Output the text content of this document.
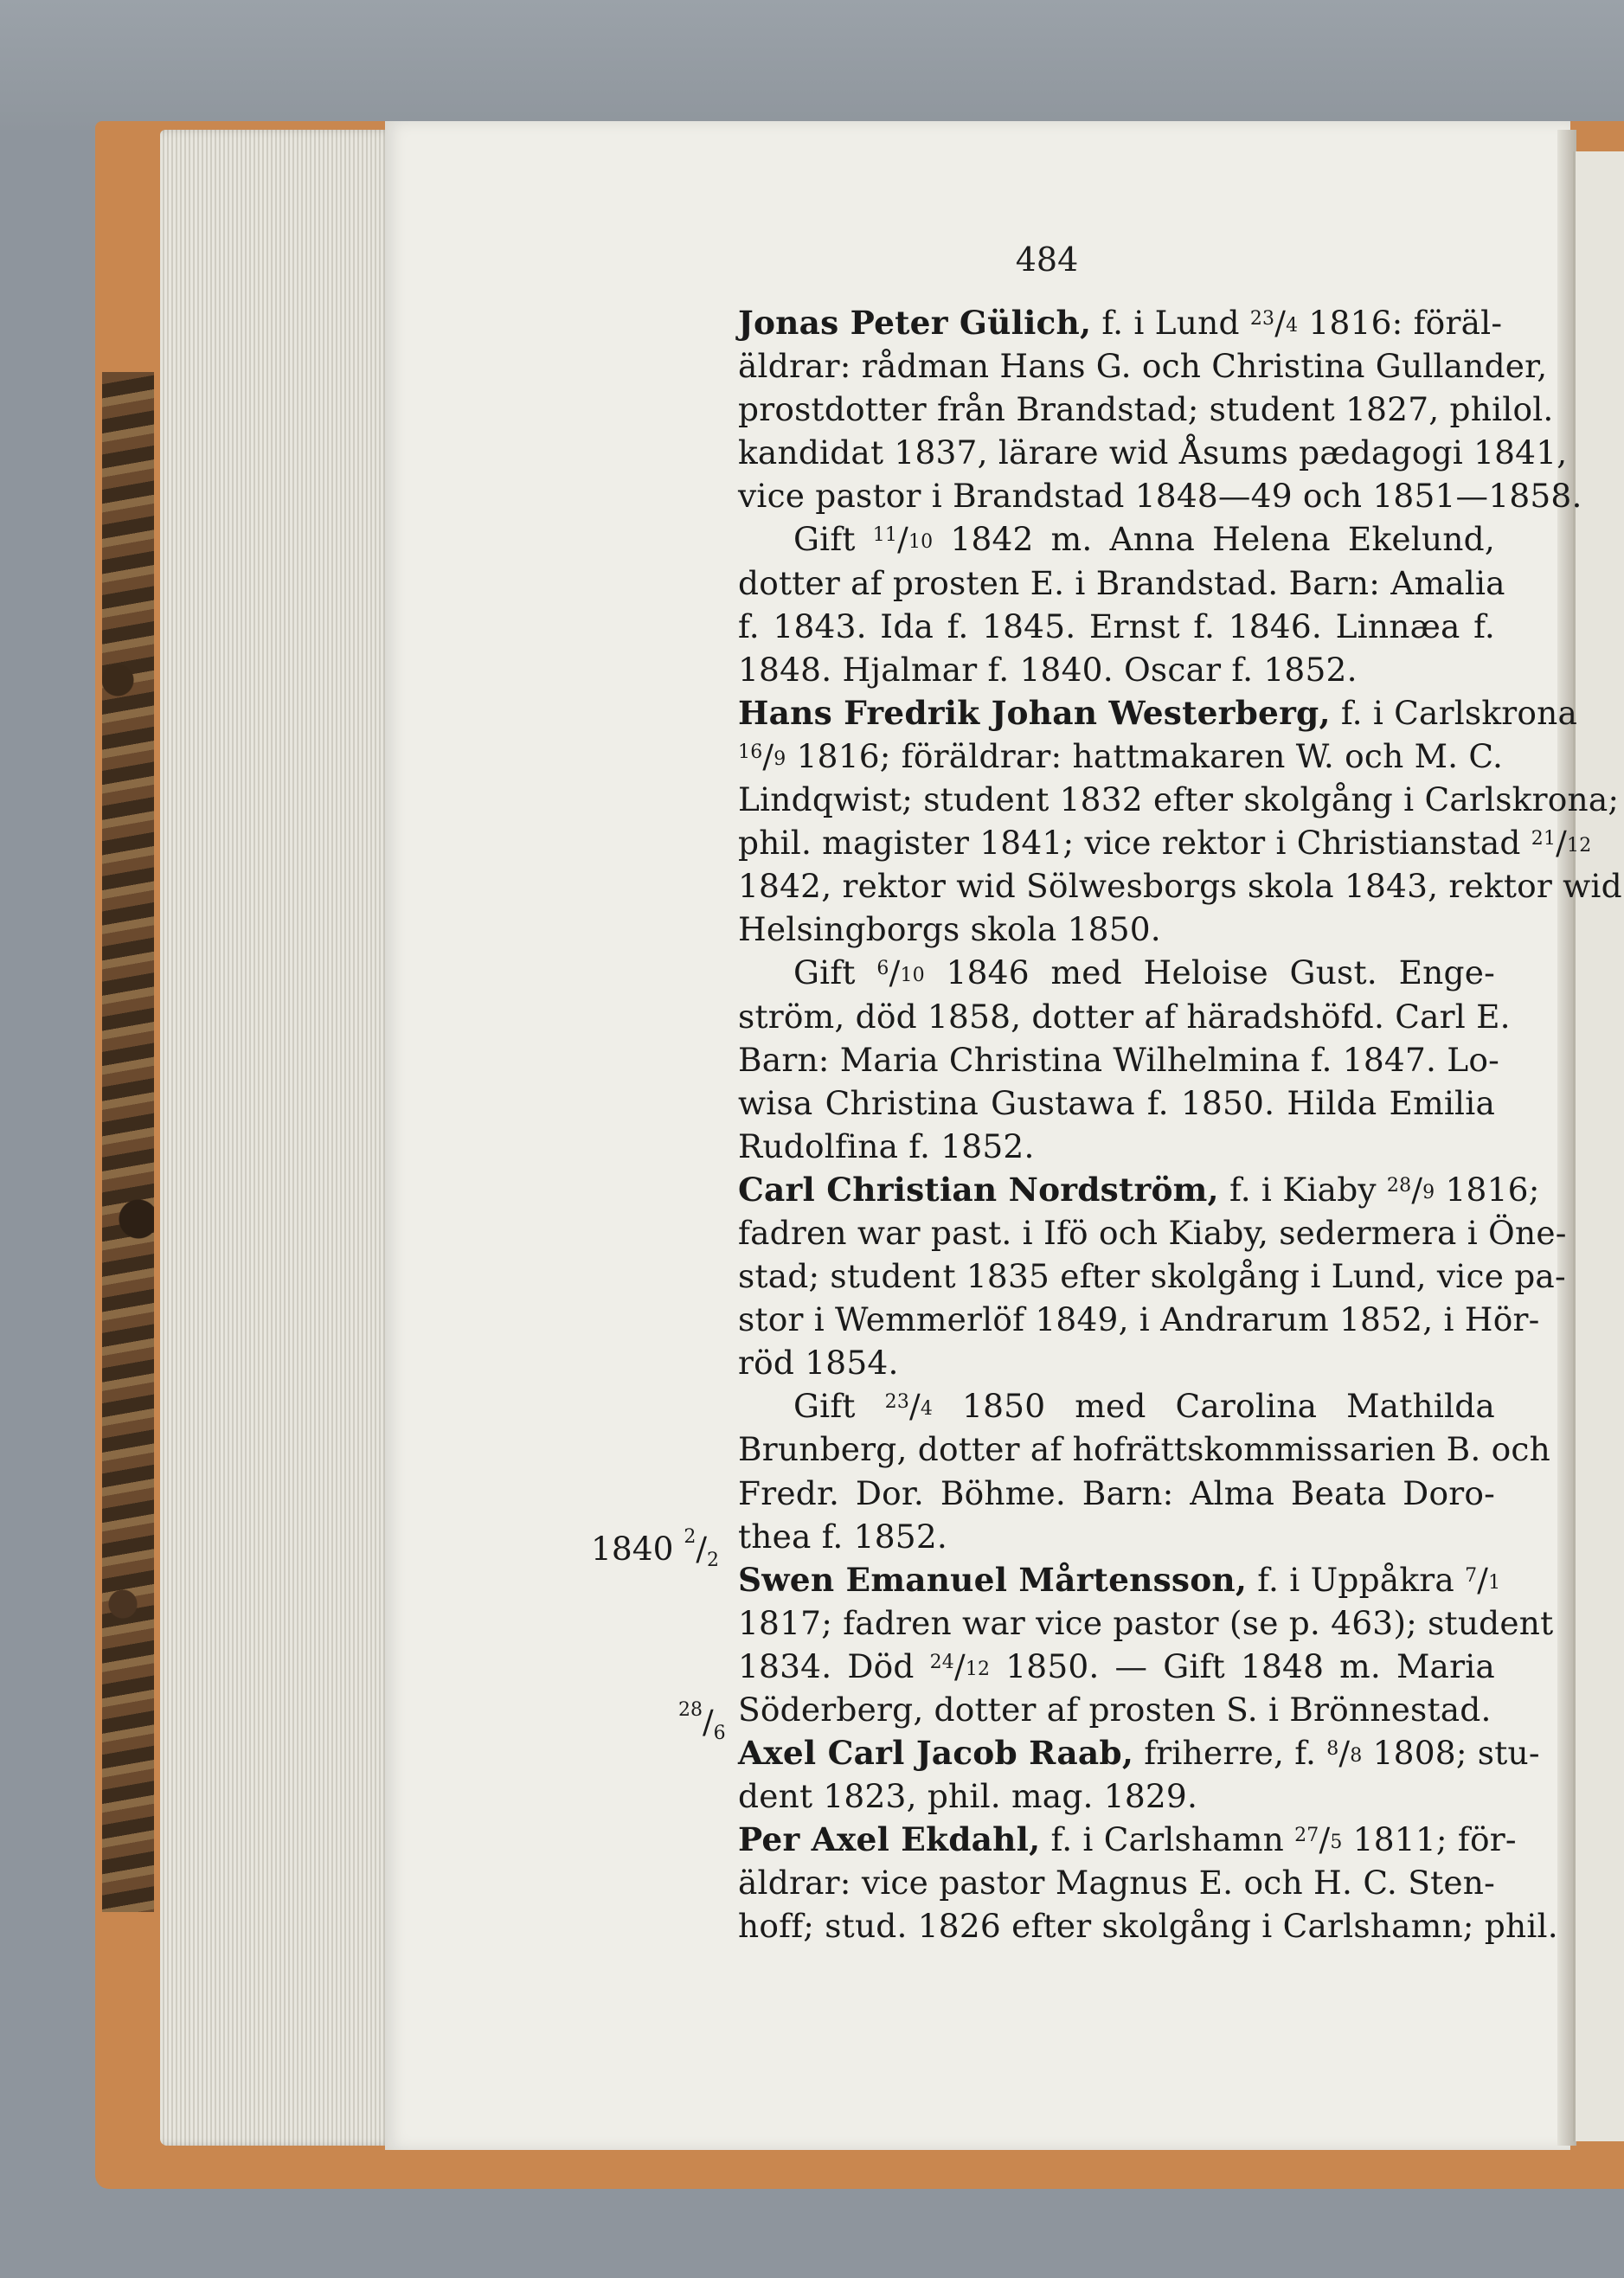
484
1840 $^2/_2$
$^{28}/_6$
Jonas Peter Gülich, f. i Lund $^{23}/_4$ 1816: föräl-
äldrar: rådman Hans G. och Christina Gullander,
prostdotter från Brandstad; student 1827, philol.
kandidat 1837, lärare wid Åsums pædagogi 1841,
vice pastor i Brandstad 1848—49 och 1851—1858.
Gift $^{11}/_{10}$ 1842 m. Anna Helena Ekelund,
dotter af prosten E. i Brandstad. Barn: Amalia
f. 1843. Ida f. 1845. Ernst f. 1846. Linnæa f.
1848. Hjalmar f. 1840. Oscar f. 1852.
Hans Fredrik Johan Westerberg, f. i Carlskrona
$^{16}/_9$ 1816; föräldrar: hattmakaren W. och M. C.
Lindqwist; student 1832 efter skolgång i Carlskrona;
phil. magister 1841; vice rektor i Christianstad $^{21}/_{12}$
1842, rektor wid Sölwesborgs skola 1843, rektor wid
Helsingborgs skola 1850.
Gift $^6/_{10}$ 1846 med Heloise Gust. Enge-
ström, död 1858, dotter af häradshöfd. Carl E.
Barn: Maria Christina Wilhelmina f. 1847. Lo-
wisa Christina Gustawa f. 1850. Hilda Emilia
Rudolfina f. 1852.
Carl Christian Nordström, f. i Kiaby $^{28}/_9$ 1816;
fadren war past. i Ifö och Kiaby, sedermera i Öne-
stad; student 1835 efter skolgång i Lund, vice pa-
stor i Wemmerlöf 1849, i Andrarum 1852, i Hör-
röd 1854.
Gift $^{23}/_4$ 1850 med Carolina Mathilda
Brunberg, dotter af hofrättskommissarien B. och
Fredr. Dor. Böhme. Barn: Alma Beata Doro-
thea f. 1852.
Swen Emanuel Mårtensson, f. i Uppåkra $^7/_1$
1817; fadren war vice pastor (se p. 463); student
1834. Död $^{24}/_{12}$ 1850. — Gift 1848 m. Maria
Söderberg, dotter af prosten S. i Brönnestad.
Axel Carl Jacob Raab, friherre, f. $^8/_8$ 1808; stu-
dent 1823, phil. mag. 1829.
Per Axel Ekdahl, f. i Carlshamn $^{27}/_5$ 1811; för-
äldrar: vice pastor Magnus E. och H. C. Sten-
hoff; stud. 1826 efter skolgång i Carlshamn; phil.
